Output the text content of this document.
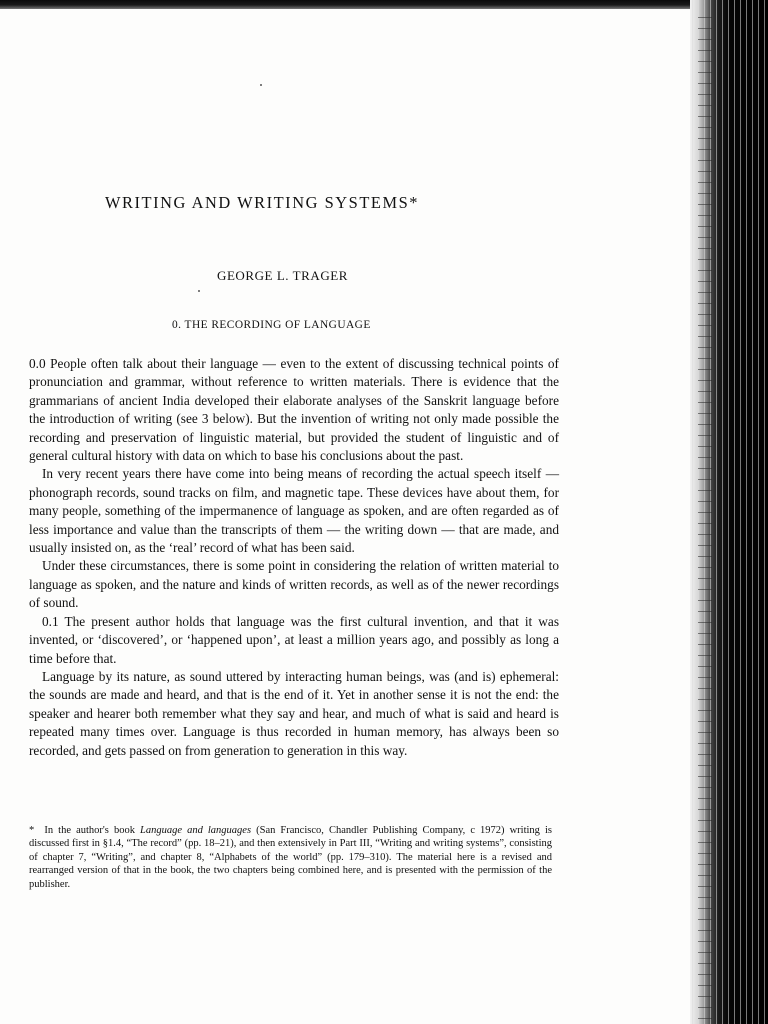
WRITING AND WRITING SYSTEMS*
GEORGE L. TRAGER
0. THE RECORDING OF LANGUAGE

0.0 People often talk about their language — even to the extent of discussing technical points of pronunciation and grammar, without reference to written materials. There is evidence that the grammarians of ancient India developed their elaborate analyses of the Sanskrit language before the introduction of writing (see 3 below). But the invention of writing not only made possible the recording and preservation of linguistic material, but provided the student of linguistic and of general cultural history with data on which to base his conclusions about the past.

In very recent years there have come into being means of recording the actual speech itself — phonograph records, sound tracks on film, and magnetic tape. These devices have about them, for many people, something of the impermanence of language as spoken, and are often regarded as of less importance and value than the transcripts of them — the writing down — that are made, and usually insisted on, as the ‘real’ record of what has been said.

Under these circumstances, there is some point in considering the relation of written material to language as spoken, and the nature and kinds of written records, as well as of the newer recordings of sound.

0.1 The present author holds that language was the first cultural invention, and that it was invented, or ‘discovered’, or ‘happened upon’, at least a million years ago, and possibly as long a time before that.

Language by its nature, as sound uttered by interacting human beings, was (and is) ephemeral: the sounds are made and heard, and that is the end of it. Yet in another sense it is not the end: the speaker and hearer both remember what they say and hear, and much of what is said and heard is repeated many times over. Language is thus recorded in human memory, has always been so recorded, and gets passed on from generation to generation in this way.

* In the author's book Language and languages (San Francisco, Chandler Publishing Company, c 1972) writing is discussed first in §1.4, “The record” (pp. 18–21), and then extensively in Part III, “Writing and writing systems”, consisting of chapter 7, “Writing”, and chapter 8, “Alphabets of the world” (pp. 179–310). The material here is a revised and rearranged version of that in the book, the two chapters being combined here, and is presented with the permission of the publisher.
